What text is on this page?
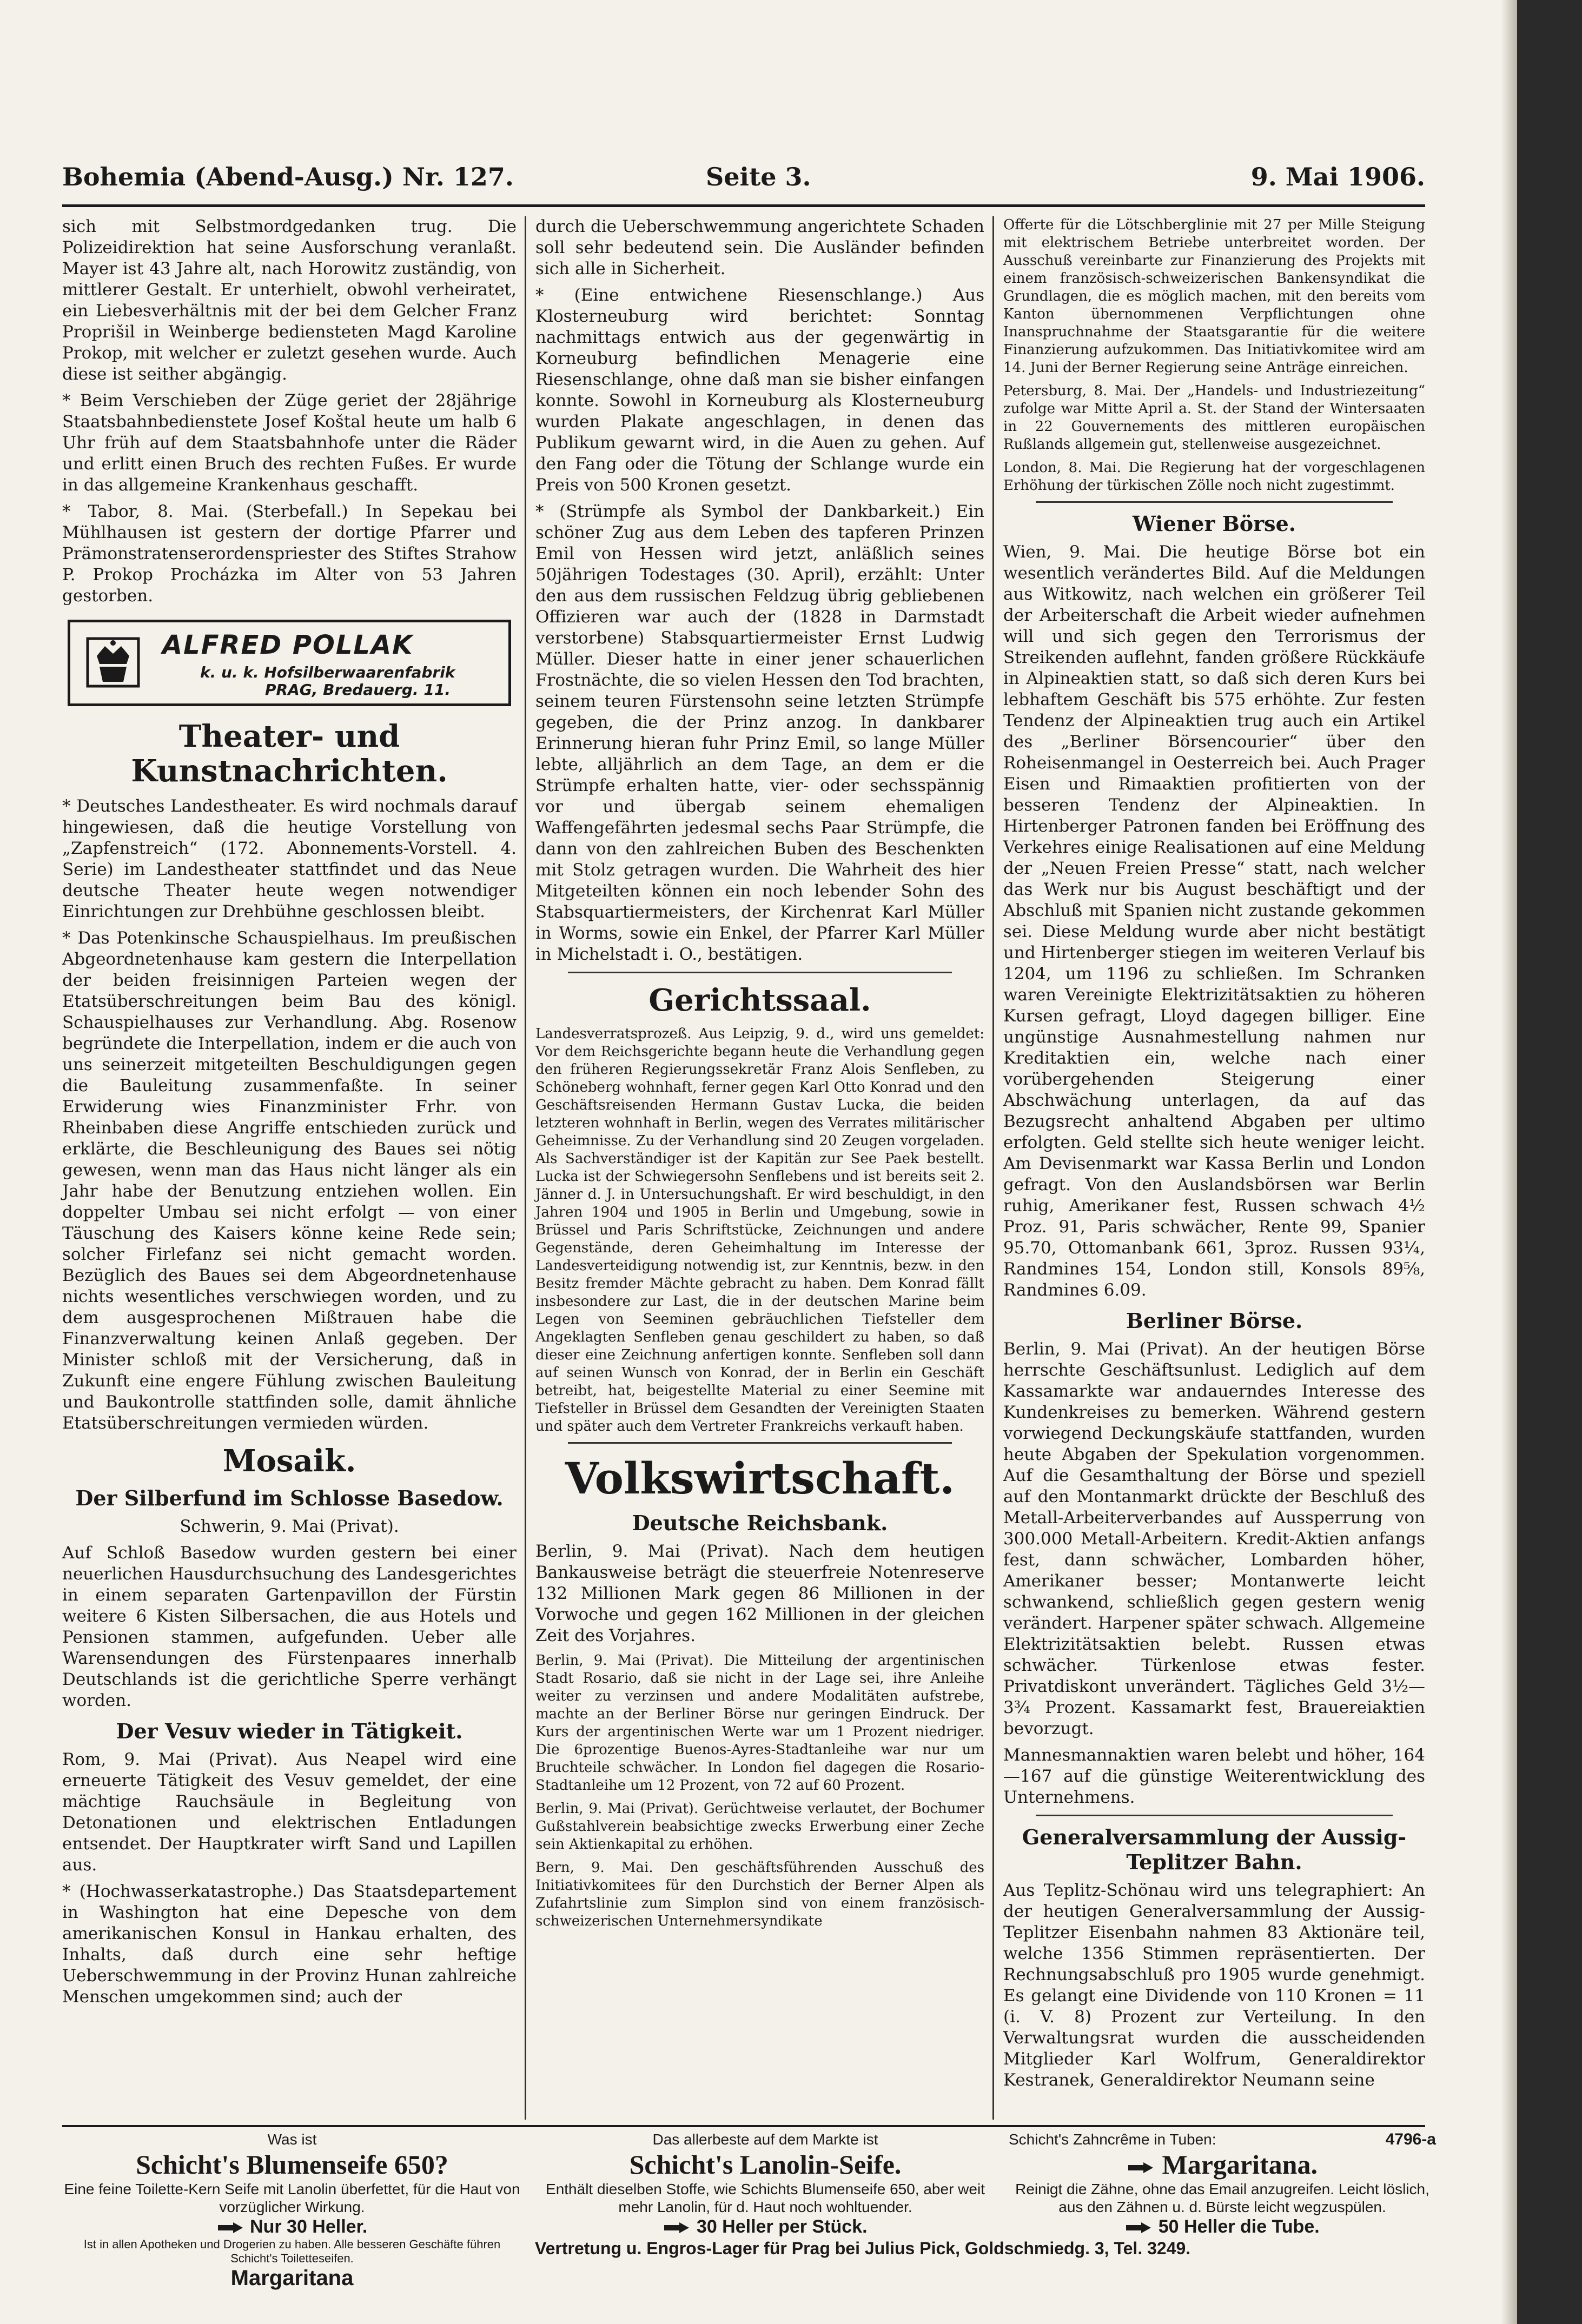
Bohemia (Abend-Ausg.) Nr. 127.	Seite 3.	9. Mai 1906.

sich mit Selbstmordgedanken trug. Die Polizeidirektion hat seine Ausforschung veranlaßt. Mayer ist 43 Jahre alt, nach Horowitz zuständig, von mittlerer Gestalt. Er unterhielt, obwohl verheiratet, ein Liebesverhältnis mit der bei dem Gelcher Franz Proprišil in Weinberge bediensteten Magd Karoline Prokop, mit welcher er zuletzt gesehen wurde. Auch diese ist seither abgängig.

* Beim Verschieben der Züge geriet der 28jährige Staatsbahnbedienstete Josef Koštal heute um halb 6 Uhr früh auf dem Staatsbahnhofe unter die Räder und erlitt einen Bruch des rechten Fußes. Er wurde in das allgemeine Krankenhaus geschafft.

* Tabor, 8. Mai. (Sterbefall.) In Sepekau bei Mühlhausen ist gestern der dortige Pfarrer und Prämonstratenserordenspriester des Stiftes Strahow P. Prokop Procházka im Alter von 53 Jahren gestorben.

ALFRED POLLAK
k. u. k. Hofsilberwaarenfabrik
PRAG, Bredauerg. 11.
Theater- und Kunstnachrichten.

* Deutsches Landestheater. Es wird nochmals darauf hingewiesen, daß die heutige Vorstellung von „Zapfenstreich“ (172. Abonnements-Vorstell. 4. Serie) im Landestheater stattfindet und das Neue deutsche Theater heute wegen notwendiger Einrichtungen zur Drehbühne geschlossen bleibt.

* Das Potenkinsche Schauspielhaus. Im preußischen Abgeordnetenhause kam gestern die Interpellation der beiden freisinnigen Parteien wegen der Etatsüberschreitungen beim Bau des königl. Schauspielhauses zur Verhandlung. Abg. Rosenow begründete die Interpellation, indem er die auch von uns seinerzeit mitgeteilten Beschuldigungen gegen die Bauleitung zusammenfaßte. In seiner Erwiderung wies Finanzminister Frhr. von Rheinbaben diese Angriffe entschieden zurück und erklärte, die Beschleunigung des Baues sei nötig gewesen, wenn man das Haus nicht länger als ein Jahr habe der Benutzung entziehen wollen. Ein doppelter Umbau sei nicht erfolgt — von einer Täuschung des Kaisers könne keine Rede sein; solcher Firlefanz sei nicht gemacht worden. Bezüglich des Baues sei dem Abgeordnetenhause nichts wesentliches verschwiegen worden, und zu dem ausgesprochenen Mißtrauen habe die Finanzverwaltung keinen Anlaß gegeben. Der Minister schloß mit der Versicherung, daß in Zukunft eine engere Fühlung zwischen Bauleitung und Baukontrolle stattfinden solle, damit ähnliche Etatsüberschreitungen vermieden würden.

Mosaik.
Der Silberfund im Schlosse Basedow.

Schwerin, 9. Mai (Privat).

Auf Schloß Basedow wurden gestern bei einer neuerlichen Hausdurchsuchung des Landesgerichtes in einem separaten Gartenpavillon der Fürstin weitere 6 Kisten Silbersachen, die aus Hotels und Pensionen stammen, aufgefunden. Ueber alle Warensendungen des Fürstenpaares innerhalb Deutschlands ist die gerichtliche Sperre verhängt worden.

Der Vesuv wieder in Tätigkeit.

Rom, 9. Mai (Privat). Aus Neapel wird eine erneuerte Tätigkeit des Vesuv gemeldet, der eine mächtige Rauchsäule in Begleitung von Detonationen und elektrischen Entladungen entsendet. Der Hauptkrater wirft Sand und Lapillen aus.

* (Hochwasserkatastrophe.) Das Staatsdepartement in Washington hat eine Depesche von dem amerikanischen Konsul in Hankau erhalten, des Inhalts, daß durch eine sehr heftige Ueberschwemmung in der Provinz Hunan zahlreiche Menschen umgekommen sind; auch der

durch die Ueberschwemmung angerichtete Schaden soll sehr bedeutend sein. Die Ausländer befinden sich alle in Sicherheit.

* (Eine entwichene Riesenschlange.) Aus Klosterneuburg wird berichtet: Sonntag nachmittags entwich aus der gegenwärtig in Korneuburg befindlichen Menagerie eine Riesenschlange, ohne daß man sie bisher einfangen konnte. Sowohl in Korneuburg als Klosterneuburg wurden Plakate angeschlagen, in denen das Publikum gewarnt wird, in die Auen zu gehen. Auf den Fang oder die Tötung der Schlange wurde ein Preis von 500 Kronen gesetzt.

* (Strümpfe als Symbol der Dankbarkeit.) Ein schöner Zug aus dem Leben des tapferen Prinzen Emil von Hessen wird jetzt, anläßlich seines 50jährigen Todestages (30. April), erzählt: Unter den aus dem russischen Feldzug übrig gebliebenen Offizieren war auch der (1828 in Darmstadt verstorbene) Stabsquartiermeister Ernst Ludwig Müller. Dieser hatte in einer jener schauerlichen Frostnächte, die so vielen Hessen den Tod brachten, seinem teuren Fürstensohn seine letzten Strümpfe gegeben, die der Prinz anzog. In dankbarer Erinnerung hieran fuhr Prinz Emil, so lange Müller lebte, alljährlich an dem Tage, an dem er die Strümpfe erhalten hatte, vier- oder sechsspännig vor und übergab seinem ehemaligen Waffengefährten jedesmal sechs Paar Strümpfe, die dann von den zahlreichen Buben des Beschenkten mit Stolz getragen wurden. Die Wahrheit des hier Mitgeteilten können ein noch lebender Sohn des Stabsquartiermeisters, der Kirchenrat Karl Müller in Worms, sowie ein Enkel, der Pfarrer Karl Müller in Michelstadt i. O., bestätigen.

Gerichtssaal.

Landesverratsprozeß. Aus Leipzig, 9. d., wird uns gemeldet: Vor dem Reichsgerichte begann heute die Verhandlung gegen den früheren Regierungssekretär Franz Alois Senfleben, zu Schöneberg wohnhaft, ferner gegen Karl Otto Konrad und den Geschäftsreisenden Hermann Gustav Lucka, die beiden letzteren wohnhaft in Berlin, wegen des Verrates militärischer Geheimnisse. Zu der Verhandlung sind 20 Zeugen vorgeladen. Als Sachverständiger ist der Kapitän zur See Paek bestellt. Lucka ist der Schwiegersohn Senflebens und ist bereits seit 2. Jänner d. J. in Untersuchungshaft. Er wird beschuldigt, in den Jahren 1904 und 1905 in Berlin und Umgebung, sowie in Brüssel und Paris Schriftstücke, Zeichnungen und andere Gegenstände, deren Geheimhaltung im Interesse der Landesverteidigung notwendig ist, zur Kenntnis, bezw. in den Besitz fremder Mächte gebracht zu haben. Dem Konrad fällt insbesondere zur Last, die in der deutschen Marine beim Legen von Seeminen gebräuchlichen Tiefsteller dem Angeklagten Senfleben genau geschildert zu haben, so daß dieser eine Zeichnung anfertigen konnte. Senfleben soll dann auf seinen Wunsch von Konrad, der in Berlin ein Geschäft betreibt, hat, beigestellte Material zu einer Seemine mit Tiefsteller in Brüssel dem Gesandten der Vereinigten Staaten und später auch dem Vertreter Frankreichs verkauft haben.

Volkswirtschaft.
Deutsche Reichsbank.

Berlin, 9. Mai (Privat). Nach dem heutigen Bankausweise beträgt die steuerfreie Notenreserve 132 Millionen Mark gegen 86 Millionen in der Vorwoche und gegen 162 Millionen in der gleichen Zeit des Vorjahres.

Berlin, 9. Mai (Privat). Die Mitteilung der argentinischen Stadt Rosario, daß sie nicht in der Lage sei, ihre Anleihe weiter zu verzinsen und andere Modalitäten aufstrebe, machte an der Berliner Börse nur geringen Eindruck. Der Kurs der argentinischen Werte war um 1 Prozent niedriger. Die 6prozentige Buenos-Ayres-Stadtanleihe war nur um Bruchteile schwächer. In London fiel dagegen die Rosario-Stadtanleihe um 12 Prozent, von 72 auf 60 Prozent.

Berlin, 9. Mai (Privat). Gerüchtweise verlautet, der Bochumer Gußstahlverein beabsichtige zwecks Erwerbung einer Zeche sein Aktienkapital zu erhöhen.

Bern, 9. Mai. Den geschäftsführenden Ausschuß des Initiativkomitees für den Durchstich der Berner Alpen als Zufahrtslinie zum Simplon sind von einem französisch-schweizerischen Unternehmersyndikate

Offerte für die Lötschberglinie mit 27 per Mille Steigung mit elektrischem Betriebe unterbreitet worden. Der Ausschuß vereinbarte zur Finanzierung des Projekts mit einem französisch-schweizerischen Bankensyndikat die Grundlagen, die es möglich machen, mit den bereits vom Kanton übernommenen Verpflichtungen ohne Inanspruchnahme der Staatsgarantie für die weitere Finanzierung aufzukommen. Das Initiativkomitee wird am 14. Juni der Berner Regierung seine Anträge einreichen.

Petersburg, 8. Mai. Der „Handels- und Industriezeitung“ zufolge war Mitte April a. St. der Stand der Wintersaaten in 22 Gouvernements des mittleren europäischen Rußlands allgemein gut, stellenweise ausgezeichnet.

London, 8. Mai. Die Regierung hat der vorgeschlagenen Erhöhung der türkischen Zölle noch nicht zugestimmt.

Wiener Börse.

Wien, 9. Mai. Die heutige Börse bot ein wesentlich verändertes Bild. Auf die Meldungen aus Witkowitz, nach welchen ein größerer Teil der Arbeiterschaft die Arbeit wieder aufnehmen will und sich gegen den Terrorismus der Streikenden auflehnt, fanden größere Rückkäufe in Alpineaktien statt, so daß sich deren Kurs bei lebhaftem Geschäft bis 575 erhöhte. Zur festen Tendenz der Alpineaktien trug auch ein Artikel des „Berliner Börsencourier“ über den Roheisenmangel in Oesterreich bei. Auch Prager Eisen und Rimaaktien profitierten von der besseren Tendenz der Alpineaktien. In Hirtenberger Patronen fanden bei Eröffnung des Verkehres einige Realisationen auf eine Meldung der „Neuen Freien Presse“ statt, nach welcher das Werk nur bis August beschäftigt und der Abschluß mit Spanien nicht zustande gekommen sei. Diese Meldung wurde aber nicht bestätigt und Hirtenberger stiegen im weiteren Verlauf bis 1204, um 1196 zu schließen. Im Schranken waren Vereinigte Elektrizitätsaktien zu höheren Kursen gefragt, Lloyd dagegen billiger. Eine ungünstige Ausnahmestellung nahmen nur Kreditaktien ein, welche nach einer vorübergehenden Steigerung einer Abschwächung unterlagen, da auf das Bezugsrecht anhaltend Abgaben per ultimo erfolgten. Geld stellte sich heute weniger leicht. Am Devisenmarkt war Kassa Berlin und London gefragt. Von den Auslandsbörsen war Berlin ruhig, Amerikaner fest, Russen schwach 4½ Proz. 91, Paris schwächer, Rente 99, Spanier 95.70, Ottomanbank 661, 3proz. Russen 93¼, Randmines 154, London still, Konsols 89⅝, Randmines 6.09.

Berliner Börse.

Berlin, 9. Mai (Privat). An der heutigen Börse herrschte Geschäftsunlust. Lediglich auf dem Kassamarkte war andauerndes Interesse des Kundenkreises zu bemerken. Während gestern vorwiegend Deckungskäufe stattfanden, wurden heute Abgaben der Spekulation vorgenommen. Auf die Gesamthaltung der Börse und speziell auf den Montanmarkt drückte der Beschluß des Metall-Arbeiterverbandes auf Aussperrung von 300.000 Metall-Arbeitern. Kredit-Aktien anfangs fest, dann schwächer, Lombarden höher, Amerikaner besser; Montanwerte leicht schwankend, schließlich gegen gestern wenig verändert. Harpener später schwach. Allgemeine Elektrizitätsaktien belebt. Russen etwas schwächer. Türkenlose etwas fester. Privatdiskont unverändert. Tägliches Geld 3½—3¾ Prozent. Kassamarkt fest, Brauereiaktien bevorzugt.

Mannesmannaktien waren belebt und höher, 164—167 auf die günstige Weiterentwicklung des Unternehmens.

Generalversammlung der Aussig-Teplitzer Bahn.

Aus Teplitz-Schönau wird uns telegraphiert: An der heutigen Generalversammlung der Aussig-Teplitzer Eisenbahn nahmen 83 Aktionäre teil, welche 1356 Stimmen repräsentierten. Der Rechnungsabschluß pro 1905 wurde genehmigt. Es gelangt eine Dividende von 110 Kronen = 11 (i. V. 8) Prozent zur Verteilung. In den Verwaltungsrat wurden die ausscheidenden Mitglieder Karl Wolfrum, Generaldirektor Kestranek, Generaldirektor Neumann seine

Was ist
Schicht's Blumenseife 650?
Eine feine Toilette-Kern Seife mit Lanolin überfettet, für die Haut von vorzüglicher Wirkung.
Nur 30 Heller.
Ist in allen Apotheken und Drogerien zu haben. Alle besseren Geschäfte führen Schicht's Toiletteseifen.
Margaritana
Das allerbeste auf dem Markte ist
Schicht's Lanolin-Seife.
Enthält dieselben Stoffe, wie Schichts Blumenseife 650, aber weit mehr Lanolin, für d. Haut noch wohltuender.
30 Heller per Stück.
Vertretung u. Engros-Lager für Prag bei Julius Pick, Goldschmiedg. 3, Tel. 3249.
Schicht's Zahncrême in Tuben:	4796-a
Margaritana.
Reinigt die Zähne, ohne das Email anzugreifen. Leicht löslich, aus den Zähnen u. d. Bürste leicht wegzuspülen.
50 Heller die Tube.
